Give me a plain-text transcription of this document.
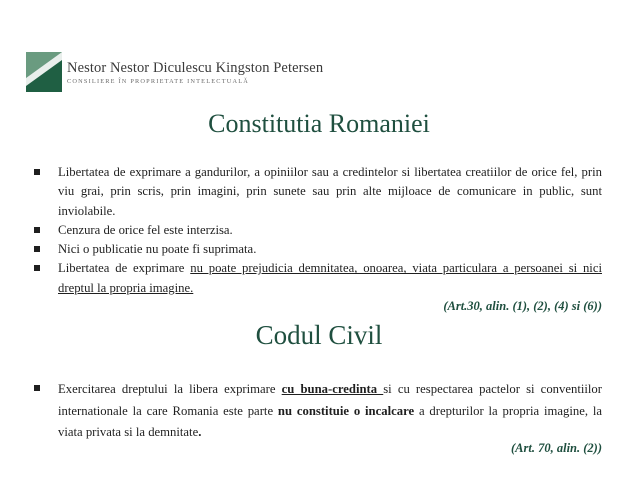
Nestor Nestor Diculescu Kingston Petersen
CONSILIERE ÎN PROPRIETATE INTELECTUALĂ
Constitutia Romaniei
Libertatea de exprimare a gandurilor, a opiniilor sau a credintelor si libertatea creatiilor de orice fel, prin viu grai, prin scris, prin imagini, prin sunete sau prin alte mijloace de comunicare in public, sunt inviolabile.
Cenzura de orice fel este interzisa.
Nici o publicatie nu poate fi suprimata.
Libertatea de exprimare nu poate prejudicia demnitatea, onoarea, viata particulara a persoanei si nici dreptul la propria imagine.
(Art.30, alin. (1), (2), (4) si (6))
Codul Civil
Exercitarea dreptului la libera exprimare cu buna-credinta si cu respectarea pactelor si conventiilor internationale la care Romania este parte nu constituie o incalcare a drepturilor la propria imagine, la viata privata si la demnitate.
(Art. 70, alin. (2))
